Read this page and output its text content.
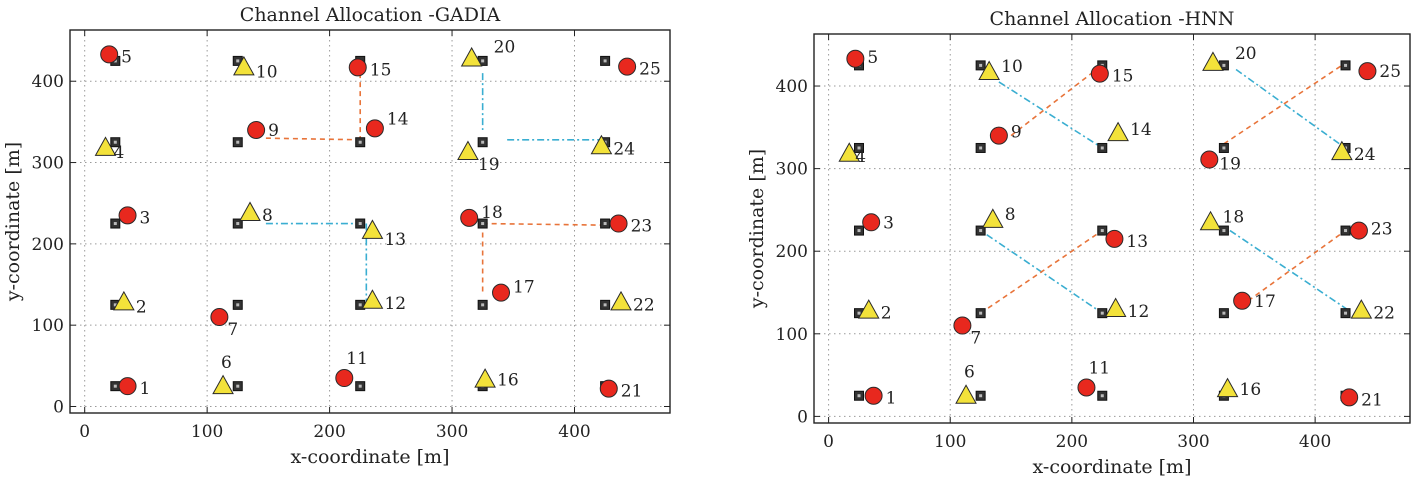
1
2
3
4
5
6
7
8
9
10
11
12
13
14
15
16
17
18
19
20
21
22
23
24
25
0	100	200	300	400
0
100
200
300
400
Channel Allocation -GADIA
x-coordinate [m]
y-coordinate [m]
1
2
3
4
5
6
7
8
9
10
11
12
13
14
15
16
17
18
19
20
21
22
23
24
25
0	100	200	300	400
0
100
200
300
400
Channel Allocation -HNN
x-coordinate [m]
y-coordinate [m]
